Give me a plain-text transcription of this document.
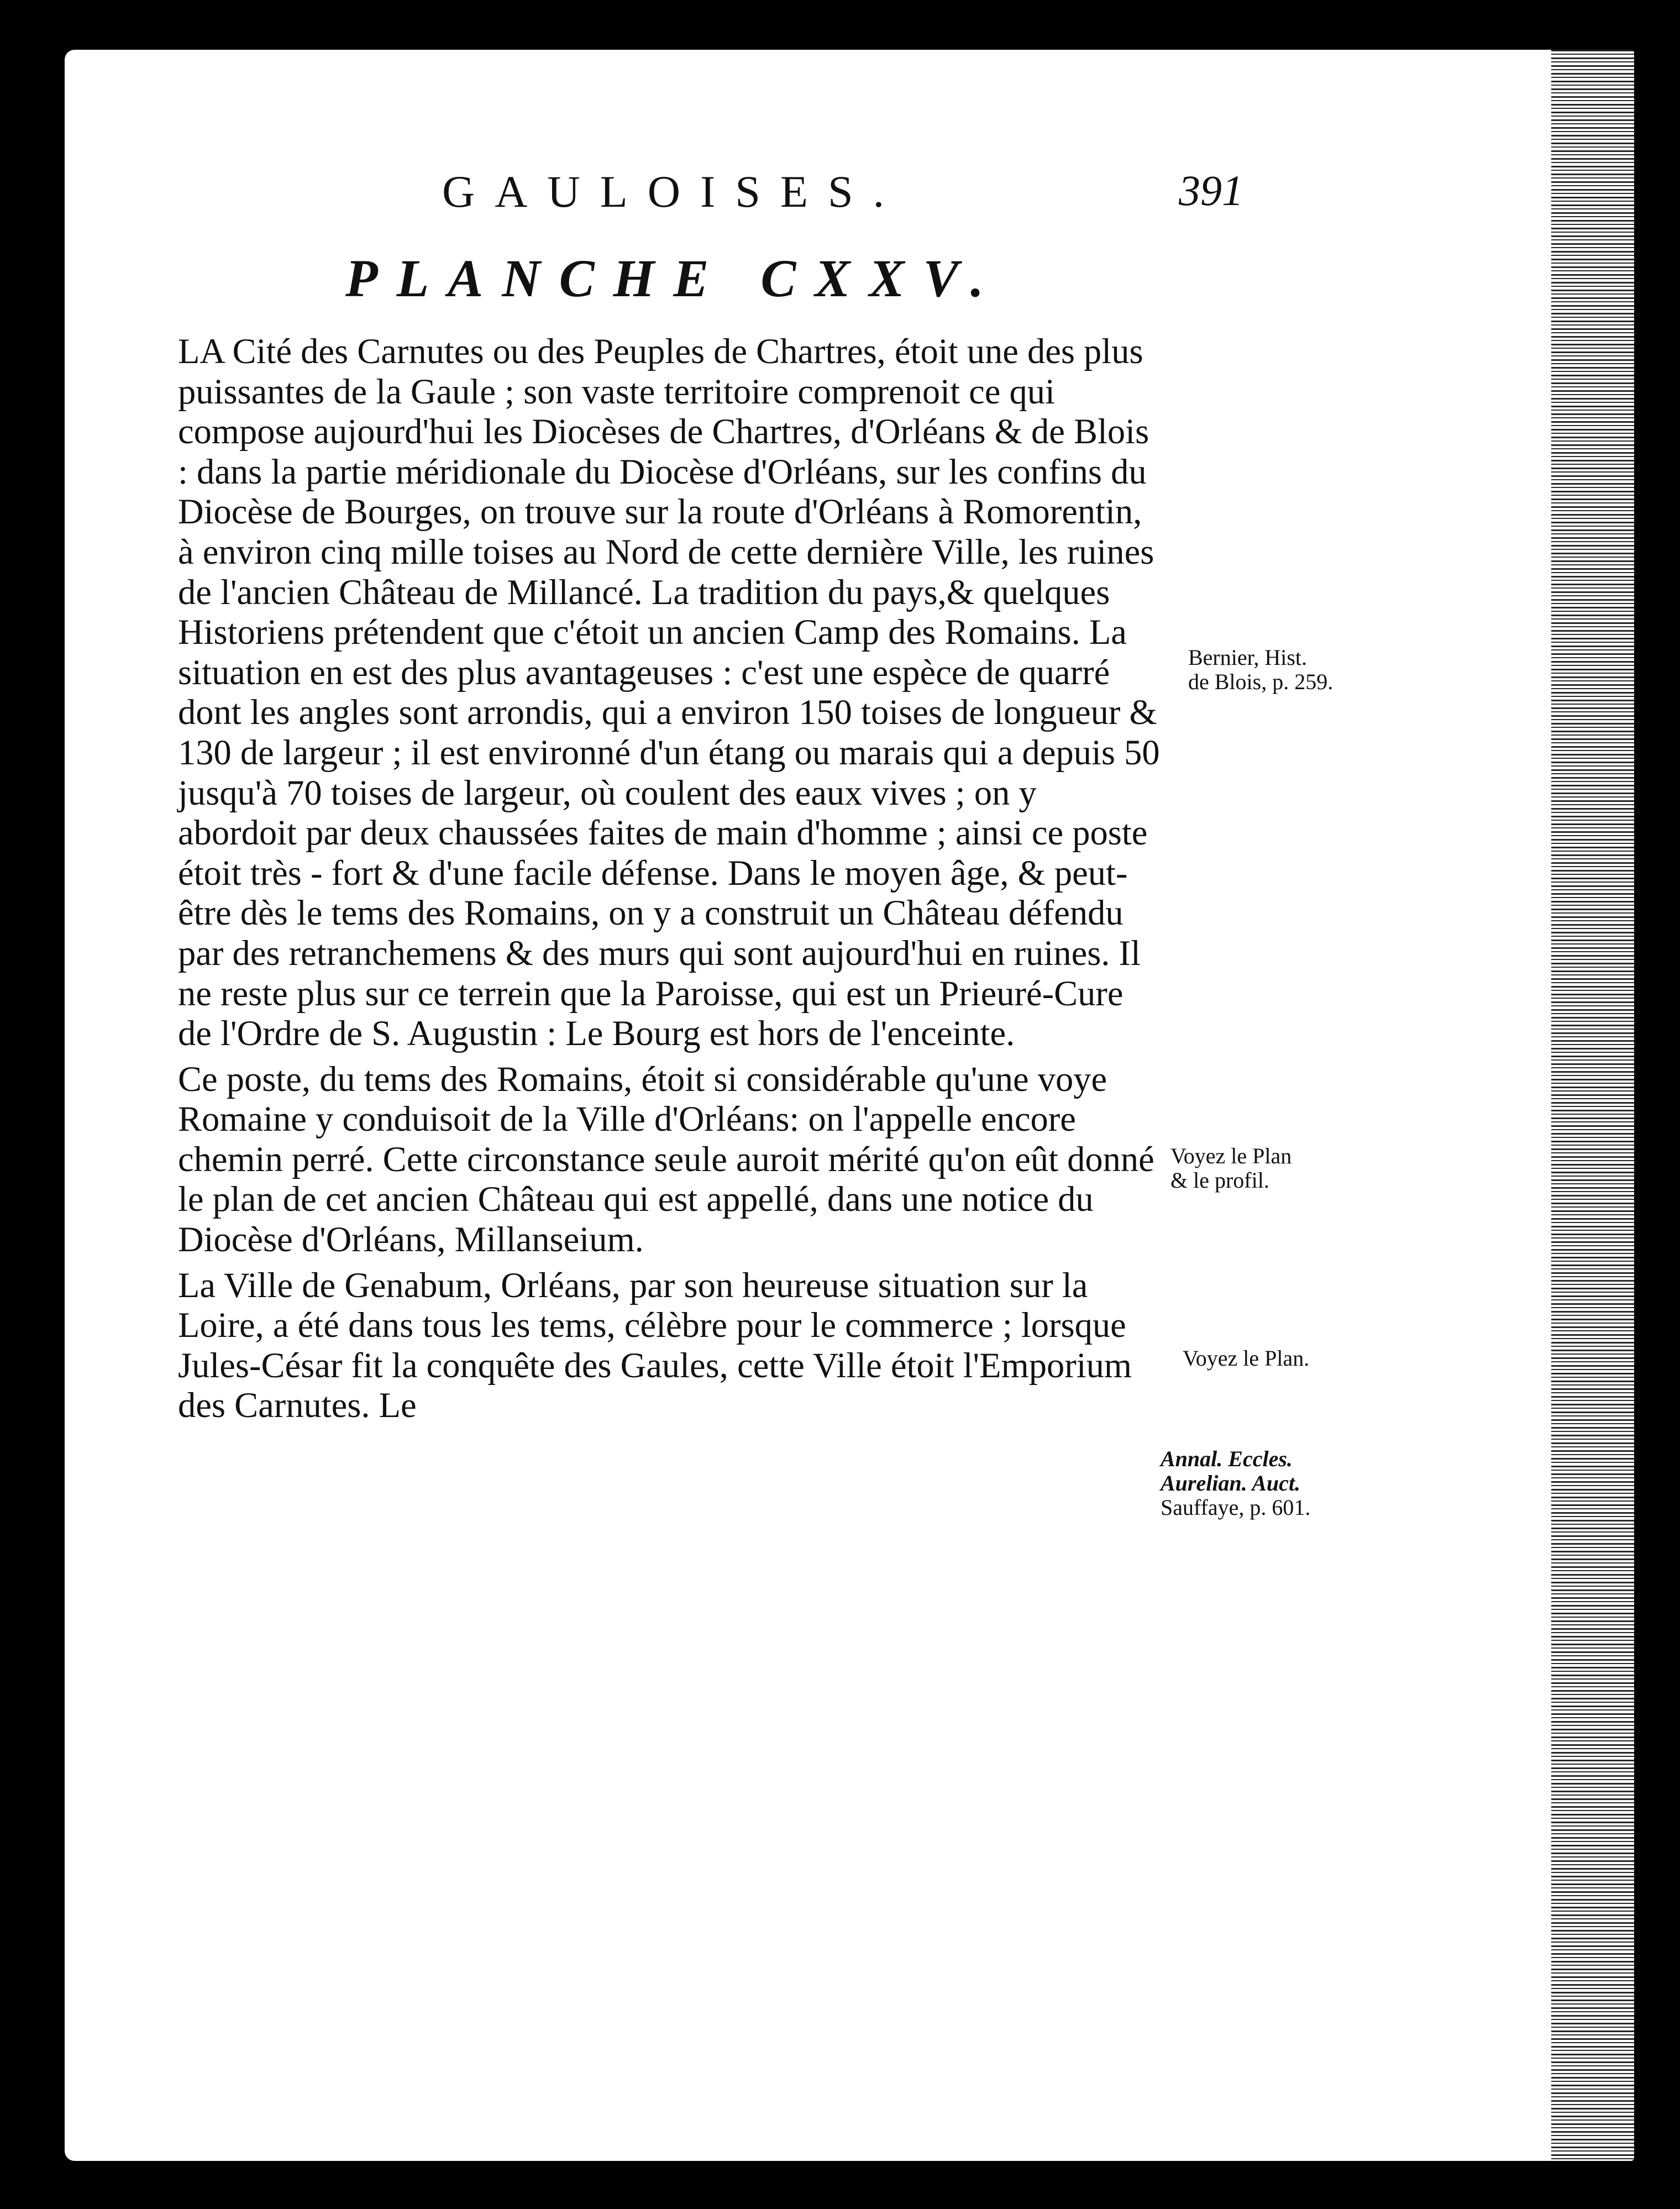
GAULOISES.	391
PLANCHE CXXV.

LA Cité des Carnutes ou des Peuples de Chartres, étoit une des plus puissantes de la Gaule ; son vaste territoire comprenoit ce qui compose aujourd'hui les Diocèses de Chartres, d'Orléans & de Blois : dans la partie méridionale du Diocèse d'Orléans, sur les confins du Diocèse de Bourges, on trouve sur la route d'Orléans à Romorentin, à environ cinq mille toises au Nord de cette dernière Ville, les ruines de l'ancien Château de Millancé. La tradition du pays,& quelques Historiens prétendent que c'étoit un ancien Camp des Romains. La situation en est des plus avantageuses : c'est une espèce de quarré dont les angles sont arrondis, qui a environ 150 toises de longueur & 130 de largeur ; il est environné d'un étang ou marais qui a depuis 50 jusqu'à 70 toises de largeur, où coulent des eaux vives ; on y abordoit par deux chaussées faites de main d'homme ; ainsi ce poste étoit très - fort & d'une facile défense. Dans le moyen âge, & peut-être dès le tems des Romains, on y a construit un Château défendu par des retranchemens & des murs qui sont aujourd'hui en ruines. Il ne reste plus sur ce terrein que la Paroisse, qui est un Prieuré-Cure de l'Ordre de S. Augustin : Le Bourg est hors de l'enceinte.

Ce poste, du tems des Romains, étoit si considérable qu'une voye Romaine y conduisoit de la Ville d'Orléans: on l'appelle encore chemin perré. Cette circonstance seule auroit mérité qu'on eût donné le plan de cet ancien Château qui est appellé, dans une notice du Diocèse d'Orléans, Millanseium.

La Ville de Genabum, Orléans, par son heureuse situation sur la Loire, a été dans tous les tems, célèbre pour le commerce ; lorsque Jules-César fit la conquête des Gaules, cette Ville étoit l'Emporium des Carnutes. Le

Bernier, Hist.
de Blois, p. 259.
Voyez le Plan
& le profil.
Voyez le Plan.
Annal. Eccles.
Aurelian. Auct.
Sauffaye, p. 601.
